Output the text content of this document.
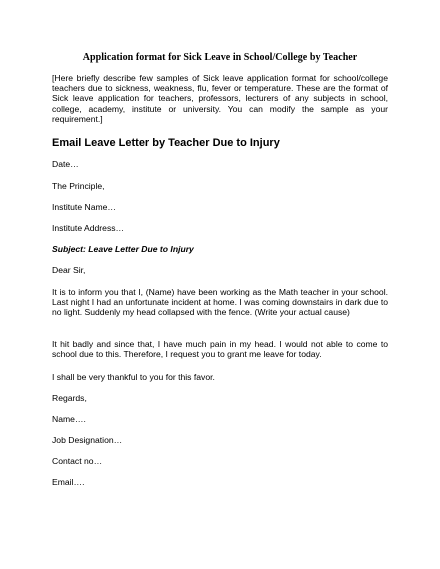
Application format for Sick Leave in School/College by Teacher

[Here briefly describe few samples of Sick leave application format for school/college teachers due to sickness, weakness, flu, fever or temperature. These are the format of Sick leave application for teachers, professors, lecturers of any subjects in school, college, academy, institute or university. You can modify the sample as your requirement.]

Email Leave Letter by Teacher Due to Injury

Date…

The Principle,

Institute Name…

Institute Address…

Subject: Leave Letter Due to Injury

Dear Sir,

It is to inform you that I, (Name) have been working as the Math teacher in your school. Last night I had an unfortunate incident at home. I was coming downstairs in dark due to no light. Suddenly my head collapsed with the fence. (Write your actual cause)

It hit badly and since that, I have much pain in my head. I would not able to come to school due to this. Therefore, I request you to grant me leave for today.

I shall be very thankful to you for this favor.

Regards,

Name….

Job Designation…

Contact no…

Email….
